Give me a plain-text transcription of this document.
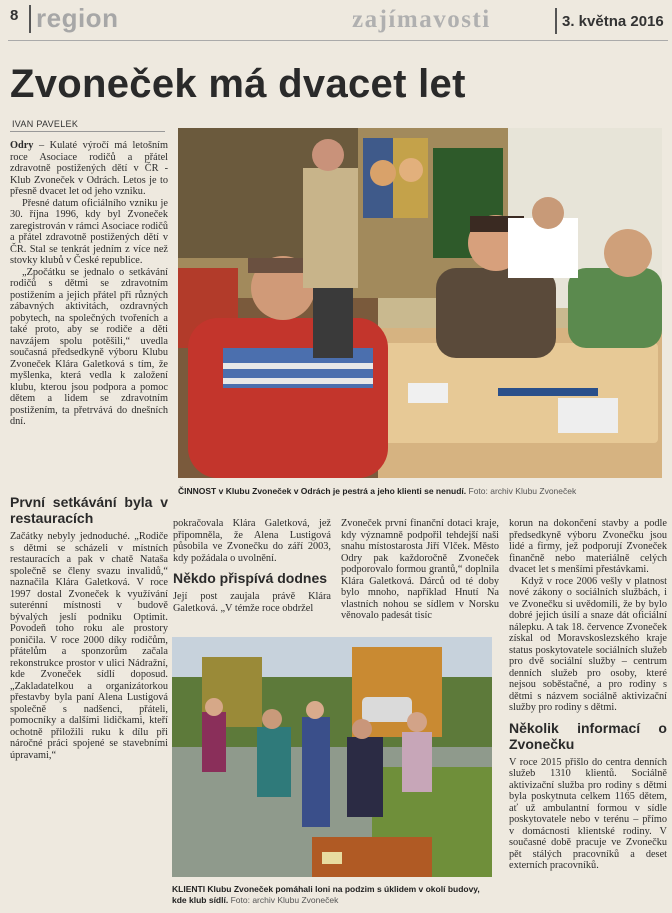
8 region	zajímavosti	3. května 2016
Zvoneček má dvacet let
IVAN PAVELEK

Odry – Kulaté výročí má letošním roce Asociace rodičů a přátel zdravotně postižených dětí v ČR - Klub Zvoneček v Odrách. Letos je to přesně dvacet let od jeho vzniku.

Přesné datum oficiálního vzniku je 30. října 1996, kdy byl Zvoneček zaregistrován v rámci Asociace rodičů a přátel zdravotně postižených dětí v ČR. Stal se tenkrát jedním z více než stovky klubů v České republice.

„Zpočátku se jednalo o setkávání rodičů s dětmi se zdravotním postižením a jejich přátel při různých zábavných aktivitách, ozdravných pobytech, na společných tvořeních a také proto, aby se rodiče a děti navzájem spolu potěšili,“ uvedla současná předsedkyně výboru Klubu Zvoneček Klára Galetková s tím, že myšlenka, která vedla k založení klubu, kterou jsou podpora a pomoc dětem a lidem se zdravotním postižením, ta přetrvává do dnešních dní.

První setkávání byla v restauracích

Začátky nebyly jednoduché. „Rodiče s dětmi se scházeli v místních restauracích a pak v chatě Nataša společně se členy svazu invalidů,“ naznačila Klára Galetková. V roce 1997 dostal Zvoneček k využívání suterénní místnosti v budově bývalých jeslí podniku Optimit. Povodeň toho roku ale prostory poničila. V roce 2000 díky rodičům, přátelům a sponzorům začala rekonstrukce prostor v ulici Nádražní, kde Zvoneček sídlí doposud. „Zakladatelkou a organizátorkou přestavby byla paní Alena Lustigová společně s nadšenci, přáteli, pomocníky a dalšími lidičkami, kteří ochotně přiložili ruku k dílu při náročné práci spojené se stavebními úpravami,“

ČINNOST v Klubu Zvoneček v Odrách je pestrá a jeho klienti se nenudí. Foto: archiv Klubu Zvoneček

pokračovala Klára Galetková, jež připomněla, že Alena Lustigová působila ve Zvonečku do září 2003, kdy požádala o uvolnění.

Někdo přispívá dodnes

Její post zaujala právě Klára Galetková. „V témže roce obdržel

Zvoneček první finanční dotaci kraje, kdy významně podpořil tehdejší naši snahu místostarosta Jiří Vlček. Město Odry pak každoročně Zvoneček podporovalo formou grantů,“ doplnila Klára Galetková. Dárců od té doby bylo mnoho, například Hnutí Na vlastních nohou se sídlem v Norsku věnovalo padesát tisíc

korun na dokončení stavby a podle předsedkyně výboru Zvonečku jsou lidé a firmy, jež podporují Zvoneček finančně nebo materiálně celých dvacet let s menšími přestávkami.

Když v roce 2006 vešly v platnost nové zákony o sociálních službách, i ve Zvonečku si uvědomili, že by bylo dobré jejich úsilí a snaze dát oficiální nálepku. A tak 18. července Zvoneček získal od Moravskoslezského kraje status poskytovatele sociálních služeb pro dvě sociální služby – centrum denních služeb pro osoby, které nejsou soběstačné, a pro rodiny s dětmi s názvem sociálně aktivizační služby pro rodiny s dětmi.

Několik informací o Zvonečku

V roce 2015 přišlo do centra denních služeb 1310 klientů. Sociálně aktivizační služba pro rodiny s dětmi byla poskytnuta celkem 1165 dětem, ať už ambulantní formou v sídle poskytovatele nebo v terénu – přímo v domácnosti klientské rodiny. V současné době pracuje ve Zvonečku pět stálých pracovníků a deset externích pracovníků.

KLIENTI Klubu Zvoneček pomáhali loni na podzim s úklidem v okolí budovy, kde klub sídlí. Foto: archiv Klubu Zvoneček
